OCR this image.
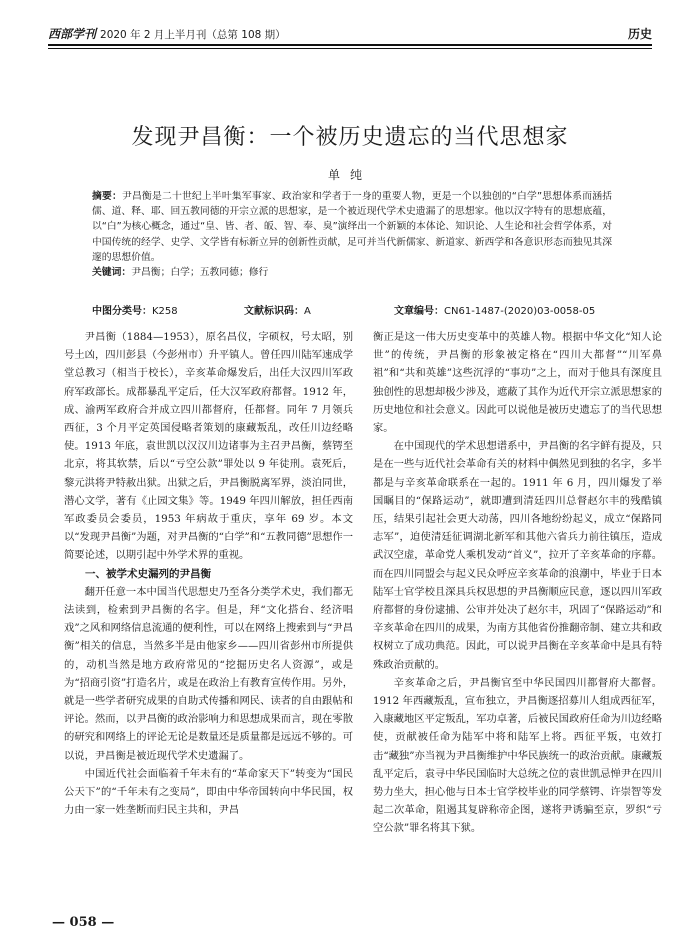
西部学刊 2020 年 2 月上半月刊（总第 108 期）	历史
发现尹昌衡：一个被历史遗忘的当代思想家
单纯

摘要：尹昌衡是二十世纪上半叶集军事家、政治家和学者于一身的重要人物，更是一个以独创的“白学”思想体系而涵括儒、道、释、耶、回五教同德的开宗立派的思想家，是一个被近现代学术史遗漏了的思想家。他以汉字特有的思想底蕴，以“白”为核心概念，通过“皇、皆、者、皈、智、奉、臭”演绎出一个新颖的本体论、知识论、人生论和社会哲学体系，对中国传统的经学、史学、文学皆有标新立异的创新性贡献，足可并当代新儒家、新道家、新西学和各意识形态而独见其深邃的思想价值。
关键词：尹昌衡；白学；五教同德；修行

中图分类号：K258	文献标识码：A	文章编号：CN61-1487-(2020)03-0058-05

尹昌衡（1884—1953），原名昌仪，字硕权，号太昭，别号土凶，四川彭县（今彭州市）升平镇人。曾任四川陆军速成学堂总教习（相当于校长），辛亥革命爆发后，出任大汉四川军政府军政部长。成都暴乱平定后，任大汉军政府都督。1912 年，成、渝两军政府合并成立四川都督府，任都督。同年 7 月领兵西征，3 个月平定英国侵略者策划的康藏叛乱，改任川边经略使。1913 年底，袁世凯以汉汉川边诸事为主召尹昌衡，蔡锷至北京，将其软禁，后以“亏空公款”罪处以 9 年徒刑。袁死后，黎元洪将尹特赦出狱。出狱之后，尹昌衡脱离军界，淡泊同世，潜心文学，著有《止园文集》等。1949 年四川解放，担任西南军政委员会委员，1953 年病故于重庆，享年 69 岁。本文以“发现尹昌衡”为题，对尹昌衡的“白学”和“五教同德”思想作一简要论述，以期引起中外学术界的重视。

一、被学术史漏列的尹昌衡

翻开任意一本中国当代思想史乃至各分类学术史，我们都无法读到，检索到尹昌衡的名字。但是，拜“文化搭台、经济唱戏”之风和网络信息流通的便利性，可以在网络上搜索到与“尹昌衡”相关的信息，当然多半是由他家乡——四川省彭州市所提供的，动机当然是地方政府常见的“挖掘历史名人资源”，或是为“招商引资”打造名片，或是在政治上有教育宣传作用。另外，就是一些学者研究成果的自助式传播和网民、读者的自由跟帖和评论。然而，以尹昌衡的政治影响力和思想成果而言，现在零散的研究和网络上的评论无论是数量还是质量都是远远不够的。可以说，尹昌衡是被近现代学术史遗漏了。

中国近代社会面临着千年未有的“革命家天下”转变为“国民公天下”的“千年未有之变局”，即由中华帝国转向中华民国，权力由一家一姓垄断而归民主共和，尹昌

衡正是这一伟大历史变革中的英雄人物。根据中华文化“知人论世”的传统，尹昌衡的形象被定格在“四川大都督”“川军鼻祖”和“共和英雄”这些沉浮的“事功”之上，而对于他具有深度且独创性的思想却极少涉及，遮蔽了其作为近代开宗立派思想家的历史地位和社会意义。因此可以说他是被历史遗忘了的当代思想家。

在中国现代的学术思想谱系中，尹昌衡的名字鲜有提及，只是在一些与近代社会革命有关的材料中偶然见到独的名字，多半都是与辛亥革命联系在一起的。1911 年 6 月，四川爆发了举国瞩目的“保路运动”，就即遭到清廷四川总督赵尔丰的残酷镇压，结果引起社会更大动荡，四川各地纷纷起义，成立“保路同志军”，迫使清廷征调湖北新军和其他六省兵力前往镇压，造成武汉空虚，革命党人乘机发动“首义”，拉开了辛亥革命的序幕。而在四川同盟会与起义民众呼应辛亥革命的浪潮中，毕业于日本陆军士官学校且深具兵权思想的尹昌衡顺应民意，逐以四川军政府都督的身份逮捕、公审并处决了赵尔丰，巩固了“保路运动”和辛亥革命在四川的成果，为南方其他省份推翻帝制、建立共和政权树立了成功典范。因此，可以说尹昌衡在辛亥革命中是具有特殊政治贡献的。

辛亥革命之后，尹昌衡官至中华民国四川都督府大都督。1912 年西藏叛乱，宣布独立，尹昌衡逐招募川人组成西征军，入康藏地区平定叛乱，军功卓著，后被民国政府任命为川边经略使，贡献被任命为陆军中将和陆军上将。西征平叛，屯效打击“藏独”亦当视为尹昌衡维护中华民族统一的政治贡献。康藏叛乱平定后，袁寻中华民国临时大总统之位的袁世凯忌惮尹在四川势力坐大，担心他与日本士官学校毕业的同学蔡锷、许崇智等发起二次革命，阻遏其复辟称帝企图，遂将尹诱骗至京，罗织“亏空公款”罪名将其下狱。

— 058 —
